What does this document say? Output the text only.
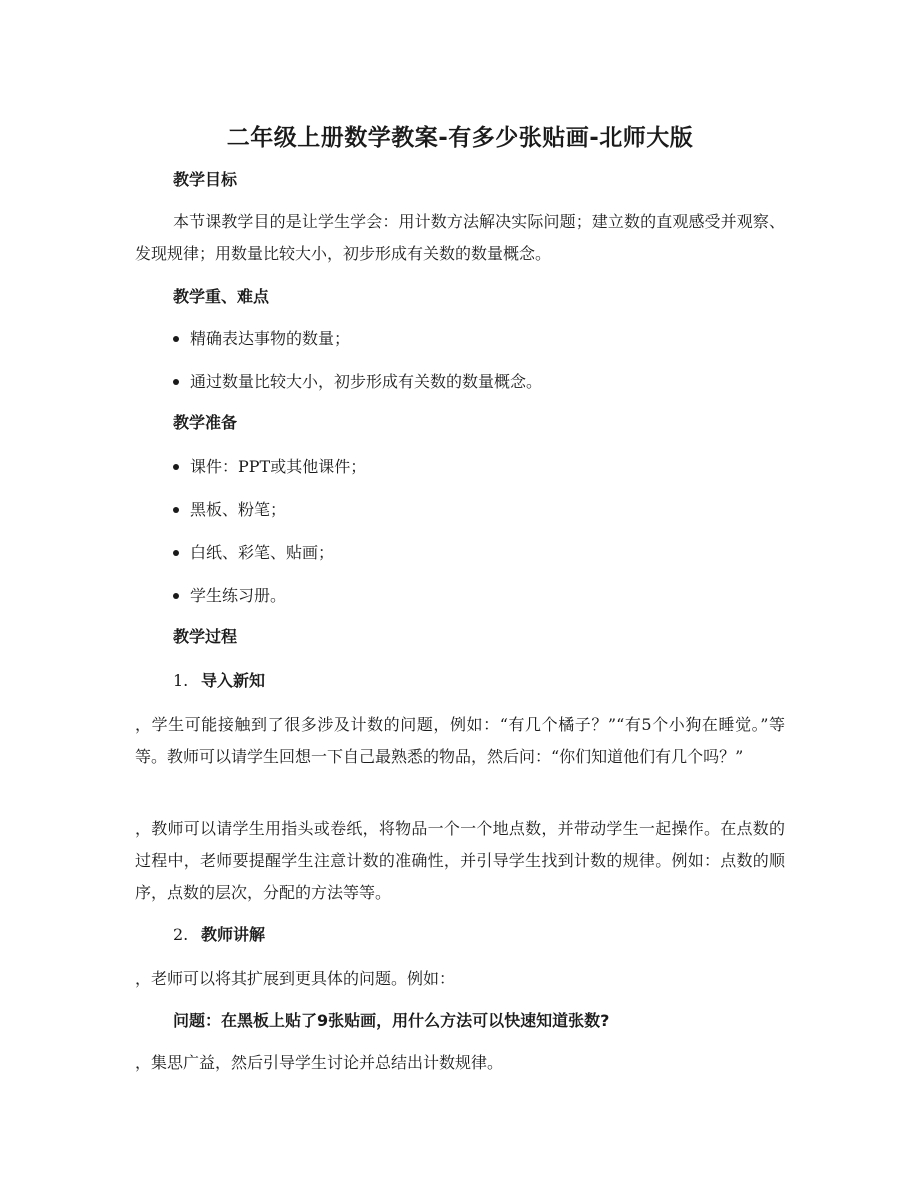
二年级上册数学教案-有多少张贴画-北师大版
教学目标

本节课教学目的是让学生学会：用计数方法解决实际问题；建立数的直观感受并观察、发现规律；用数量比较大小，初步形成有关数的数量概念。

教学重、难点

精确表达事物的数量；

通过数量比较大小，初步形成有关数的数量概念。

教学准备

课件：PPT或其他课件；

黑板、粉笔；

白纸、彩笔、贴画；

学生练习册。

教学过程

1. 导入新知

，学生可能接触到了很多涉及计数的问题，例如：“有几个橘子？”“有5个小狗在睡觉。”等等。教师可以请学生回想一下自己最熟悉的物品，然后问：“你们知道他们有几个吗？”

，教师可以请学生用指头或卷纸，将物品一个一个地点数，并带动学生一起操作。在点数的过程中，老师要提醒学生注意计数的准确性，并引导学生找到计数的规律。例如：点数的顺序，点数的层次，分配的方法等等。

2. 教师讲解

，老师可以将其扩展到更具体的问题。例如：

问题：在黑板上贴了9张贴画，用什么方法可以快速知道张数?

，集思广益，然后引导学生讨论并总结出计数规律。
